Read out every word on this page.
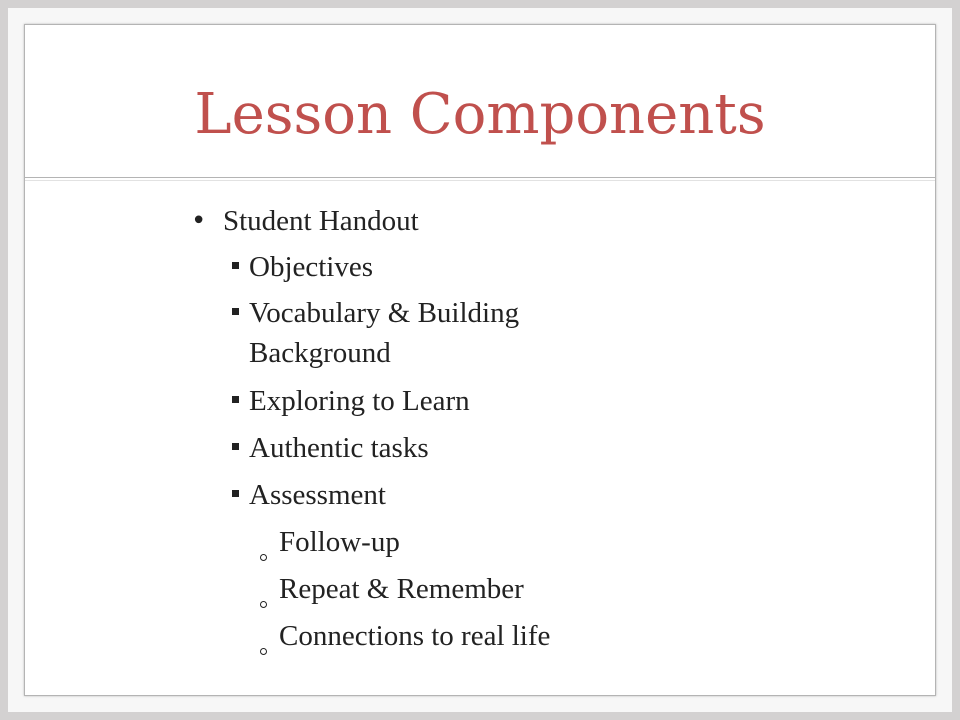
Lesson Components
• Student Handout
Objectives
Vocabulary & Building
Background
Exploring to Learn
Authentic tasks
Assessment
Follow-up
Repeat & Remember
Connections to real life
